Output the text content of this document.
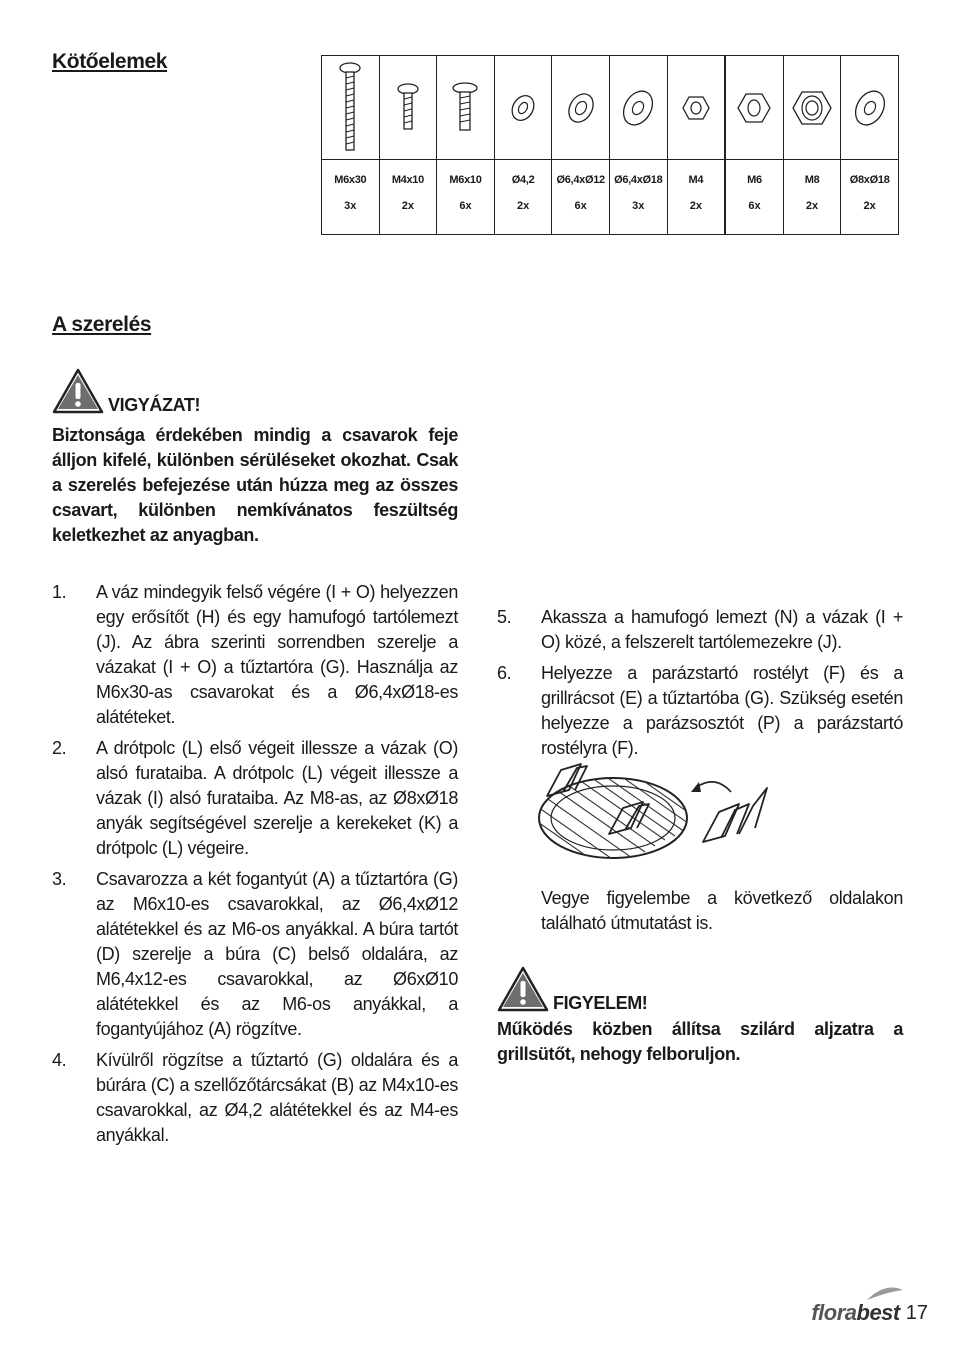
Kötőelemek
M6x30
3x
M4x10
2x
M6x10
6x
Ø4,2
2x
Ø6,4xØ12
6x
Ø6,4xØ18
3x
M4
2x
M6
6x
M8
2x
Ø8xØ18
2x
A szerelés
VIGYÁZAT!

Biztonsága érdekében mindig a csavarok feje álljon kifelé, különben sérüléseket okozhat. Csak a szerelés befejezése után húzza meg az összes csavart, különben nemkívánatos feszültség keletkezhet az anyagban.

1. A váz mindegyik felső végére (I + O) helyezzen egy erősítőt (H) és egy hamufogó tartólemezt (J). Az ábra szerinti sorrendben szerelje a vázakat (I + O) a tűztartóra (G). Használja az M6x30-as csavarokat és a Ø6,4xØ18-es alátéteket.
2. A drótpolc (L) első végeit illessze a vázak (O) alsó furataiba. A drótpolc (L) végeit illessze a vázak (I) alsó furataiba. Az M8-as, az Ø8xØ18 anyák segítségével szerelje a kerekeket (K) a drótpolc (L) végeire.
3. Csavarozza a két fogantyút (A) a tűztartóra (G) az M6x10-es csavarokkal, az Ø6,4xØ12 alátétekkel és az M6-os anyákkal. A búra tartót (D) szerelje a búra (C) belső oldalára, az M6,4x12-es csavarokkal, az Ø6xØ10 alátétekkel és az M6-os anyákkal, a fogantyújához (A) rögzítve.
4. Kívülről rögzítse a tűztartó (G) oldalára és a búrára (C) a szellőzőtárcsákat (B) az M4x10-es csavarokkal, az Ø4,2 alátétekkel és az M4-es anyákkal.
5. Akassza a hamufogó lemezt (N) a vázak (I + O) közé, a felszerelt tartólemezekre (J).
6. Helyezze a parázstartó rostélyt (F) és a grillrácsot (E) a tűztartóba (G). Szükség esetén helyezze a parázsosztót (P) a parázstartó rostélyra (F).

Vegye figyelembe a következő oldalakon található útmutatást is.

FIGYELEM!

Működés közben állítsa szilárd aljzatra a grillsütőt, nehogy felboruljon.

florabest 17
